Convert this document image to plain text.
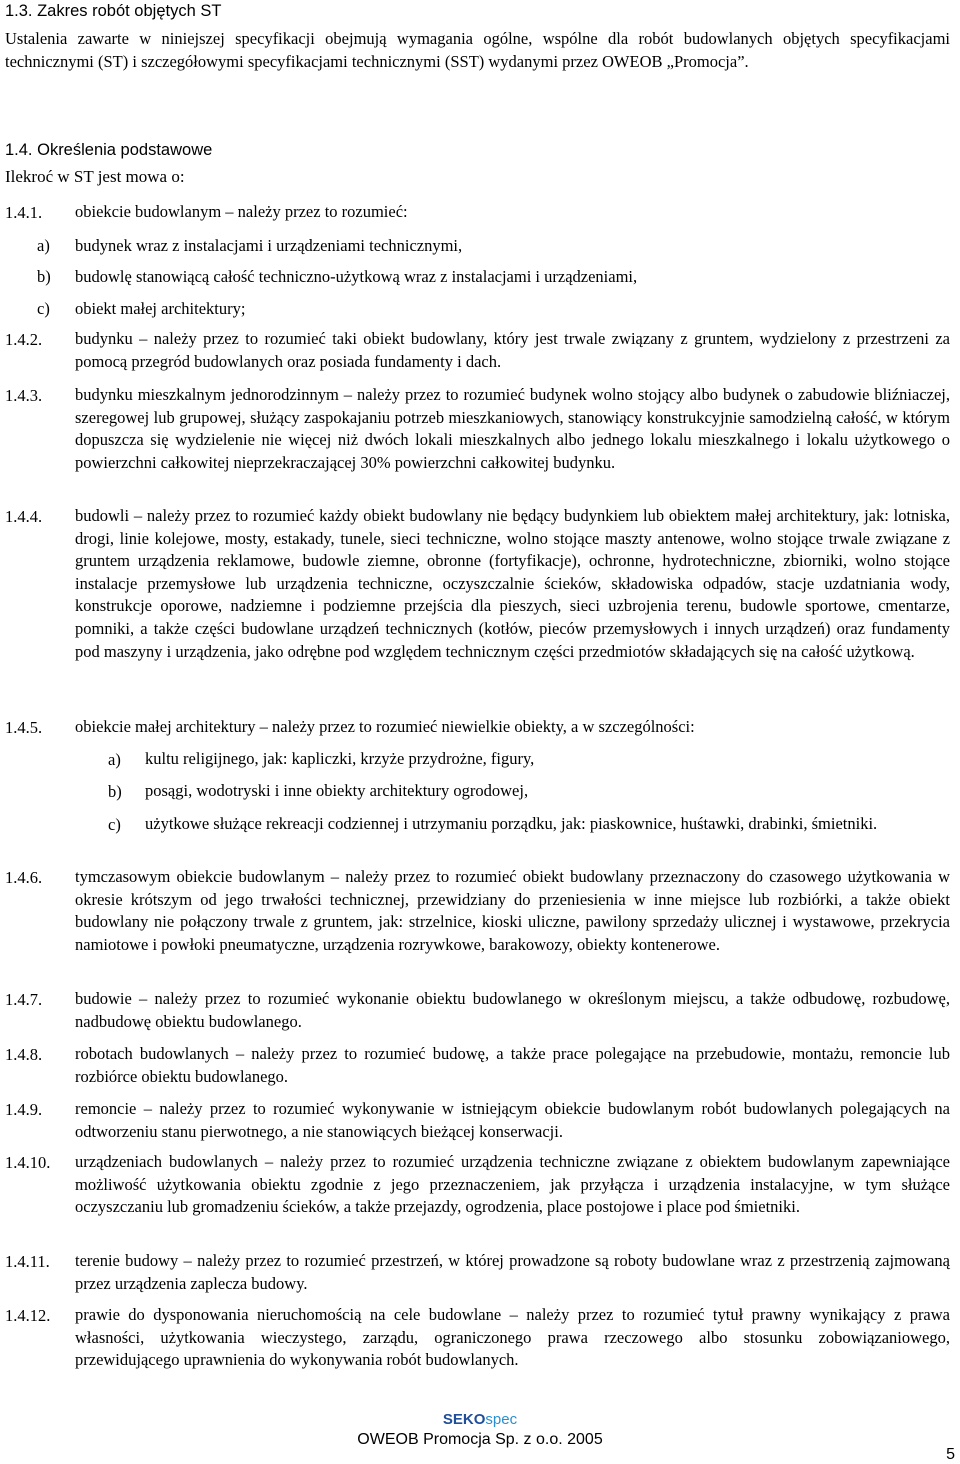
1.3. Zakres robót objętych ST
Ustalenia zawarte w niniejszej specyfikacji obejmują wymagania ogólne, wspólne dla robót budowlanych objętych specyfikacjami technicznymi (ST) i szczegółowymi specyfikacjami technicznymi (SST) wydanymi przez OWEOB „Promocja”.
1.4. Określenia podstawowe
Ilekroć w ST jest mowa o:
1.4.1. obiekcie budowlanym – należy przez to rozumieć:
a) budynek wraz z instalacjami i urządzeniami technicznymi,
b) budowlę stanowiącą całość techniczno-użytkową wraz z instalacjami i urządzeniami,
c) obiekt małej architektury;
1.4.2. budynku – należy przez to rozumieć taki obiekt budowlany, który jest trwale związany z gruntem, wydzielony z przestrzeni za pomocą przegród budowlanych oraz posiada fundamenty i dach.
1.4.3. budynku mieszkalnym jednorodzinnym – należy przez to rozumieć budynek wolno stojący albo budynek o zabudowie bliźniaczej, szeregowej lub grupowej, służący zaspokajaniu potrzeb mieszkaniowych, stanowiący konstrukcyjnie samodzielną całość, w którym dopuszcza się wydzielenie nie więcej niż dwóch lokali mieszkalnych albo jednego lokalu mieszkalnego i lokalu użytkowego o powierzchni całkowitej nieprzekraczającej 30% powierzchni całkowitej budynku.
1.4.4. budowli – należy przez to rozumieć każdy obiekt budowlany nie będący budynkiem lub obiektem małej architektury, jak: lotniska, drogi, linie kolejowe, mosty, estakady, tunele, sieci techniczne, wolno stojące maszty antenowe, wolno stojące trwale związane z gruntem urządzenia reklamowe, budowle ziemne, obronne (fortyfikacje), ochronne, hydrotechniczne, zbiorniki, wolno stojące instalacje przemysłowe lub urządzenia techniczne, oczyszczalnie ścieków, składowiska odpadów, stacje uzdatniania wody, konstrukcje oporowe, nadziemne i podziemne przejścia dla pieszych, sieci uzbrojenia terenu, budowle sportowe, cmentarze, pomniki, a także części budowlane urządzeń technicznych (kotłów, pieców przemysłowych i innych urządzeń) oraz fundamenty pod maszyny i urządzenia, jako odrębne pod względem technicznym części przedmiotów składających się na całość użytkową.
1.4.5. obiekcie małej architektury – należy przez to rozumieć niewielkie obiekty, a w szczególności:
a) kultu religijnego, jak: kapliczki, krzyże przydrożne, figury,
b) posągi, wodotryski i inne obiekty architektury ogrodowej,
c) użytkowe służące rekreacji codziennej i utrzymaniu porządku, jak: piaskownice, huśtawki, drabinki, śmietniki.
1.4.6. tymczasowym obiekcie budowlanym – należy przez to rozumieć obiekt budowlany przeznaczony do czasowego użytkowania w okresie krótszym od jego trwałości technicznej, przewidziany do przeniesienia w inne miejsce lub rozbiórki, a także obiekt budowlany nie połączony trwale z gruntem, jak: strzelnice, kioski uliczne, pawilony sprzedaży ulicznej i wystawowe, przekrycia namiotowe i powłoki pneumatyczne, urządzenia rozrywkowe, barakowozy, obiekty kontenerowe.
1.4.7. budowie – należy przez to rozumieć wykonanie obiektu budowlanego w określonym miejscu, a także odbudowę, rozbudowę, nadbudowę obiektu budowlanego.
1.4.8. robotach budowlanych – należy przez to rozumieć budowę, a także prace polegające na przebudowie, montażu, remoncie lub rozbiórce obiektu budowlanego.
1.4.9. remoncie – należy przez to rozumieć wykonywanie w istniejącym obiekcie budowlanym robót budowlanych polegających na odtworzeniu stanu pierwotnego, a nie stanowiących bieżącej konserwacji.
1.4.10. urządzeniach budowlanych – należy przez to rozumieć urządzenia techniczne związane z obiektem budowlanym zapewniające możliwość użytkowania obiektu zgodnie z jego przeznaczeniem, jak przyłącza i urządzenia instalacyjne, w tym służące oczyszczaniu lub gromadzeniu ścieków, a także przejazdy, ogrodzenia, place postojowe i place pod śmietniki.
1.4.11. terenie budowy – należy przez to rozumieć przestrzeń, w której prowadzone są roboty budowlane wraz z przestrzenią zajmowaną przez urządzenia zaplecza budowy.
1.4.12. prawie do dysponowania nieruchomością na cele budowlane – należy przez to rozumieć tytuł prawny wynikający z prawa własności, użytkowania wieczystego, zarządu, ograniczonego prawa rzeczowego albo stosunku zobowiązaniowego, przewidującego uprawnienia do wykonywania robót budowlanych.
SEKOspec
OWEOB Promocja Sp. z o.o. 2005
5
